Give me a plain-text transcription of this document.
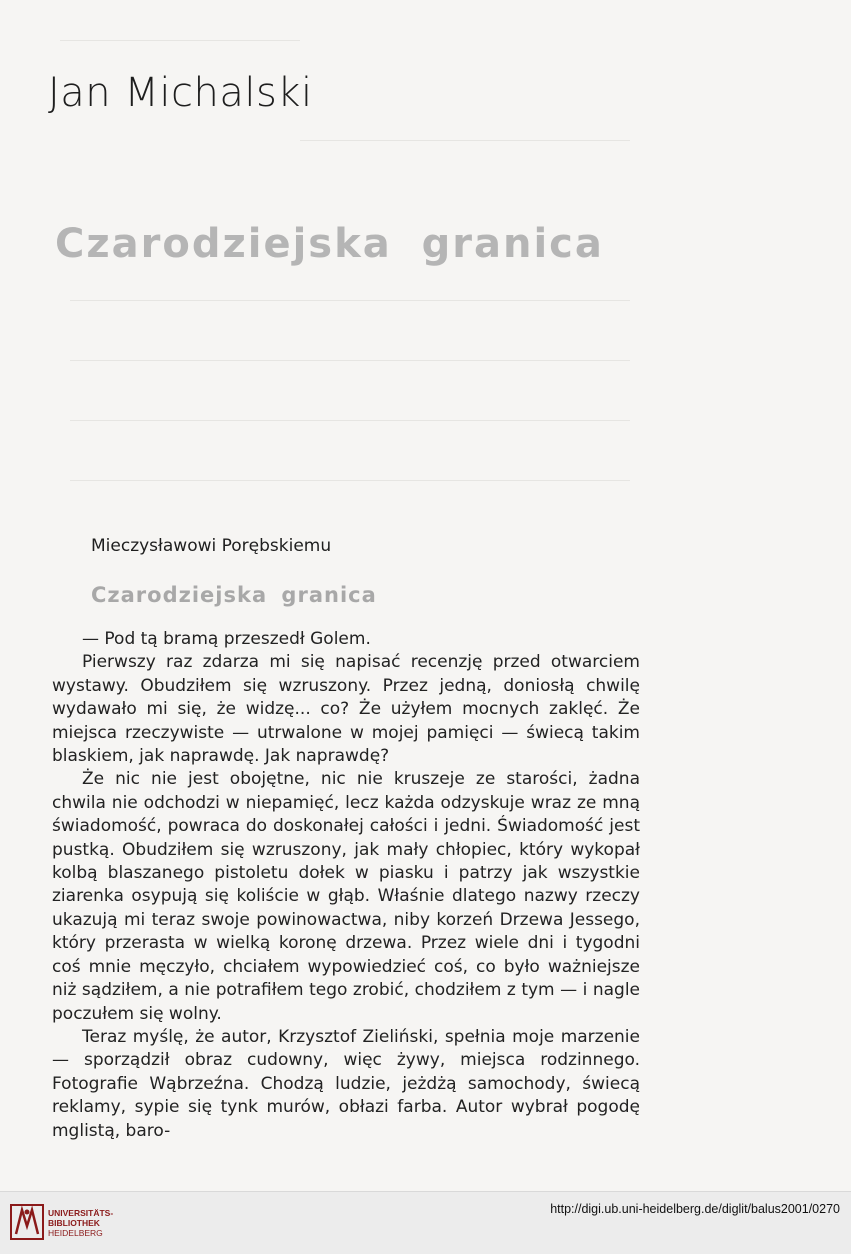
Jan Michalski
Czarodziejska granica
Mieczysławowi Porębskiemu
Czarodziejska granica

— Pod tą bramą przeszedł Golem.

Pierwszy raz zdarza mi się napisać recenzję przed otwarciem wystawy. Obudziłem się wzruszony. Przez jedną, doniosłą chwilę wydawało mi się, że widzę... co? Że użyłem mocnych zaklęć. Że miejsca rzeczywiste — utrwalone w mojej pamięci — świecą takim blaskiem, jak naprawdę. Jak naprawdę?

Że nic nie jest obojętne, nic nie kruszeje ze starości, żadna chwila nie odchodzi w niepamięć, lecz każda odzyskuje wraz ze mną świadomość, powraca do doskonałej całości i jedni. Świadomość jest pustką. Obudziłem się wzruszony, jak mały chłopiec, który wykopał kolbą blaszanego pistoletu dołek w piasku i patrzy jak wszystkie ziarenka osypują się koliście w głąb. Właśnie dlatego nazwy rzeczy ukazują mi teraz swoje powinowactwa, niby korzeń Drzewa Jessego, który przerasta w wielką koronę drzewa. Przez wiele dni i tygodni coś mnie męczyło, chciałem wypowiedzieć coś, co było ważniejsze niż sądziłem, a nie potrafiłem tego zrobić, chodziłem z tym — i nagle poczułem się wolny.

Teraz myślę, że autor, Krzysztof Zieliński, spełnia moje marzenie — sporządził obraz cudowny, więc żywy, miejsca rodzinnego. Fotografie Wąbrzeźna. Chodzą ludzie, jeżdżą samochody, świecą reklamy, sypie się tynk murów, obłazi farba. Autor wybrał pogodę mglistą, baro-

UNIVERSITÄTS-
BIBLIOTHEK
HEIDELBERG
http://digi.ub.uni-heidelberg.de/diglit/balus2001/0270
